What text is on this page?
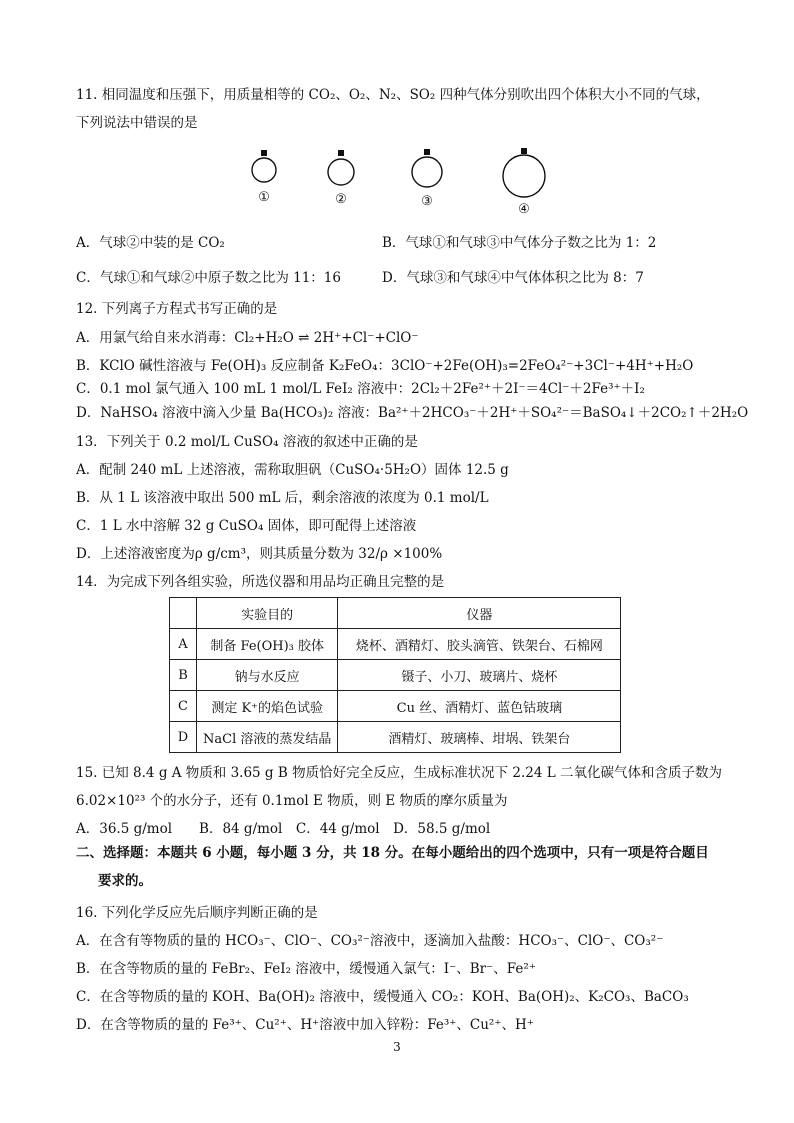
11. 相同温度和压强下，用质量相等的 CO₂、O₂、N₂、SO₂ 四种气体分别吹出四个体积大小不同的气球，
下列说法中错误的是
①	②	③
④
A．气球②中装的是 CO₂	B．气球①和气球③中气体分子数之比为 1：2
C．气球①和气球②中原子数之比为 11：16	D．气球③和气球④中气体体积之比为 8：7
12. 下列离子方程式书写正确的是
A．用氯气给自来水消毒：Cl₂+H₂O ⇌ 2H⁺+Cl⁻+ClO⁻
B．KClO 碱性溶液与 Fe(OH)₃ 反应制备 K₂FeO₄：3ClO⁻+2Fe(OH)₃=2FeO₄²⁻+3Cl⁻+4H⁺+H₂O
C．0.1 mol 氯气通入 100 mL 1 mol/L FeI₂ 溶液中：2Cl₂＋2Fe²⁺＋2I⁻＝4Cl⁻＋2Fe³⁺＋I₂
D．NaHSO₄ 溶液中滴入少量 Ba(HCO₃)₂ 溶液：Ba²⁺＋2HCO₃⁻＋2H⁺＋SO₄²⁻＝BaSO₄↓＋2CO₂↑＋2H₂O
13．下列关于 0.2 mol/L CuSO₄ 溶液的叙述中正确的是
A．配制 240 mL 上述溶液，需称取胆矾（CuSO₄·5H₂O）固体 12.5 g
B．从 1 L 该溶液中取出 500 mL 后，剩余溶液的浓度为 0.1 mol/L
C．1 L 水中溶解 32 g CuSO₄ 固体，即可配得上述溶液
D．上述溶液密度为ρ g/cm³，则其质量分数为 32/ρ ×100%
14．为完成下列各组实验，所选仪器和用品均正确且完整的是
	实验目的	仪器
A	制备 Fe(OH)₃ 胶体	烧杯、酒精灯、胶头滴管、铁架台、石棉网
B	钠与水反应	镊子、小刀、玻璃片、烧杯
C	测定 K⁺的焰色试验	Cu 丝、酒精灯、蓝色钴玻璃
D	NaCl 溶液的蒸发结晶	酒精灯、玻璃棒、坩埚、铁架台
15. 已知 8.4 g A 物质和 3.65 g B 物质恰好完全反应，生成标准状况下 2.24 L 二氧化碳气体和含质子数为
6.02×10²³ 个的水分子，还有 0.1mol E 物质，则 E 物质的摩尔质量为
A．36.5 g/mol　　B．84 g/mol　C．44 g/mol　D．58.5 g/mol
二、选择题：本题共 6 小题，每小题 3 分，共 18 分。在每小题给出的四个选项中，只有一项是符合题目
要求的。
16. 下列化学反应先后顺序判断正确的是
A．在含有等物质的量的 HCO₃⁻、ClO⁻、CO₃²⁻溶液中，逐滴加入盐酸：HCO₃⁻、ClO⁻、CO₃²⁻
B．在含等物质的量的 FeBr₂、FeI₂ 溶液中，缓慢通入氯气：I⁻、Br⁻、Fe²⁺
C．在含等物质的量的 KOH、Ba(OH)₂ 溶液中，缓慢通入 CO₂：KOH、Ba(OH)₂、K₂CO₃、BaCO₃
D．在含等物质的量的 Fe³⁺、Cu²⁺、H⁺溶液中加入锌粉：Fe³⁺、Cu²⁺、H⁺
3
